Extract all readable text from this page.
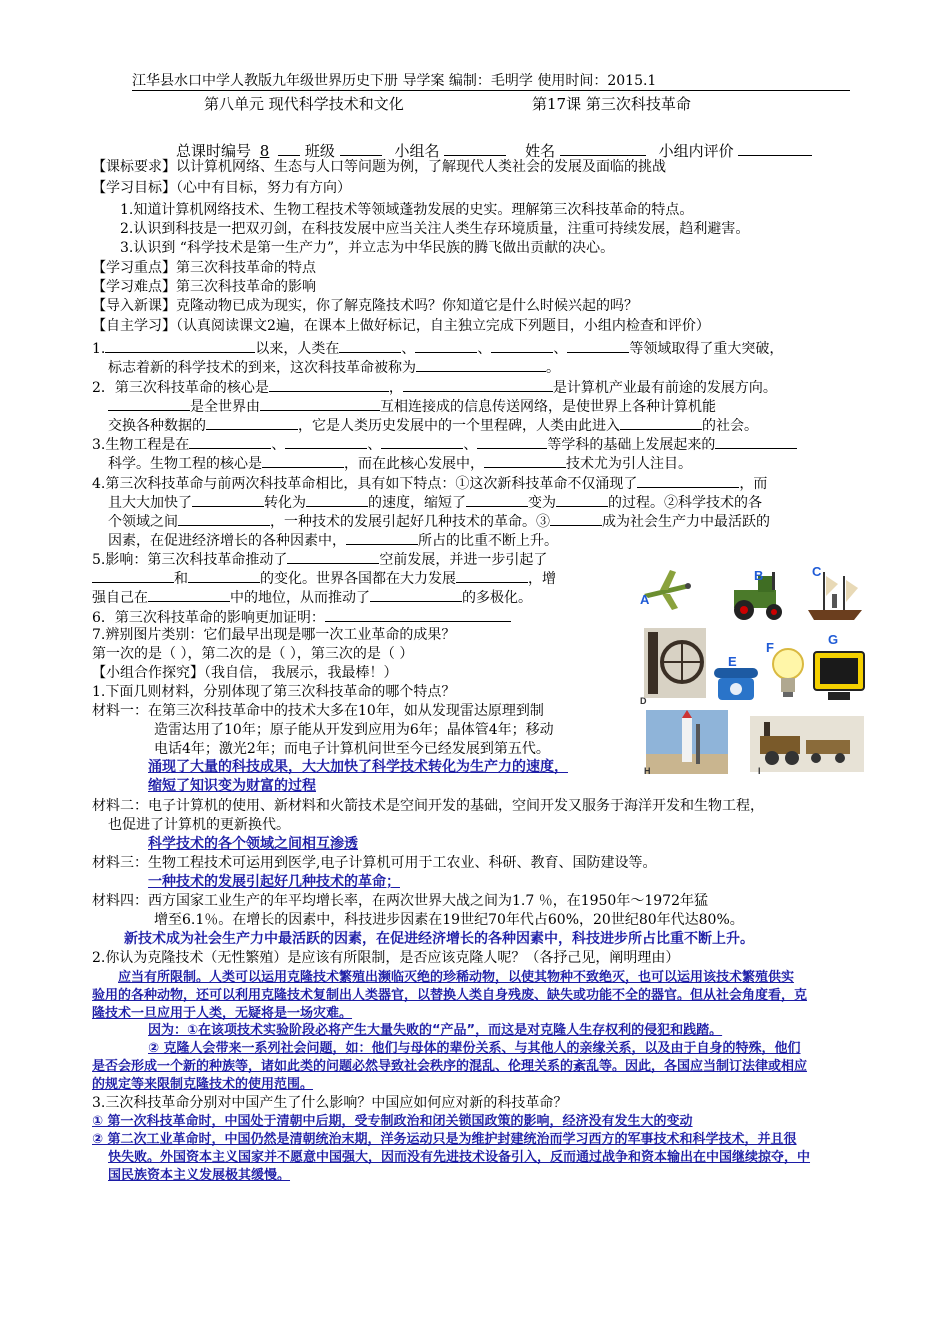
江华县水口中学人教版九年级世界历史下册 导学案 编制：毛明学 使用时间：2015.1
第八单元 现代科学技术和文化	第17课 第三次科技革命
总课时编号 8 班级	小组名	姓名	小组内评价
【课标要求】以计算机网络、生态与人口等问题为例，了解现代人类社会的发展及面临的挑战
【学习目标】（心中有目标，努力有方向）
1.知道计算机网络技术、生物工程技术等领域蓬勃发展的史实。理解第三次科技革命的特点。
2.认识到科技是一把双刃剑，在科技发展中应当关注人类生存环境质量，注重可持续发展，趋利避害。
3.认识到 “科学技术是第一生产力”，并立志为中华民族的腾飞做出贡献的决心。
【学习重点】第三次科技革命的特点
【学习难点】第三次科技革命的影响
【导入新课】克隆动物已成为现实，你了解克隆技术吗？你知道它是什么时候兴起的吗？
【自主学习】（认真阅读课文2遍，在课本上做好标记，自主独立完成下列题目，小组内检查和评价）
1.	以来，人类在	、	、	、	等领域取得了重大突破，
标志着新的科学技术的到来，这次科技革命被称为	。
2．第三次科技革命的核心是	，	是计算机产业最有前途的发展方向。
是全世界由	互相连接成的信息传送网络，是使世界上各种计算机能
交换各种数据的	，它是人类历史发展中的一个里程碑，人类由此进入	的社会。
3.生物工程是在	、	、	、	等学科的基础上发展起来的
科学。生物工程的核心是	，而在此核心发展中，	技术尤为引人注目。
4.第三次科技革命与前两次科技革命相比，具有如下特点：①这次新科技革命不仅涌现了	，而
且大大加快了	转化为	的速度，缩短了	变为	的过程。②科学技术的各
个领域之间	，一种技术的发展引起好几种技术的革命。③	成为社会生产力中最活跃的
因素，在促进经济增长的各种因素中，	所占的比重不断上升。
5.影响：第三次科技革命推动了	空前发展，并进一步引起了
和	的变化。世界各国都在大力发展	，增
强自己在	中的地位，从而推动了	的多极化。
6．第三次科技革命的影响更加证明：
7.辨别图片类别：它们最早出现是哪一次工业革命的成果？
第一次的是（ ），第二次的是（ ），第三次的是（ ）
【小组合作探究】（我自信， 我展示，我最棒！）
1.下面几则材料，分别体现了第三次科技革命的哪个特点？
材料一：在第三次科技革命中的技术大多在10年，如从发现雷达原理到制
造雷达用了10年；原子能从开发到应用为6年；晶体管4年；移动
电话4年；激光2年；而电子计算机问世至今已经发展到第五代。
涌现了大量的科技成果，大大加快了科学技术转化为生产力的速度，
缩短了知识变为财富的过程
材料二：电子计算机的使用、新材料和火箭技术是空间开发的基础，空间开发又服务于海洋开发和生物工程，
也促进了计算机的更新换代。
科学技术的各个领域之间相互渗透
材料三：生物工程技术可运用到医学,电子计算机可用于工农业、科研、教育、国防建设等。
一种技术的发展引起好几种技术的革命；
材料四：西方国家工业生产的年平均增长率，在两次世界大战之间为1.7 ％，在1950年～1972年猛
增至6.1％。在增长的因素中，科技进步因素在19世纪70年代占60%，20世纪80年代达80%。
新技术成为社会生产力中最活跃的因素，在促进经济增长的各种因素中，科技进步所占比重不断上升。
2.你认为克隆技术（无性繁殖）是应该有所限制，是否应该克隆人呢？（各抒己见，阐明理由）
应当有所限制。人类可以运用克隆技术繁殖出濒临灭绝的珍稀动物，以使其物种不致绝灭，也可以运用该技术繁殖供实
验用的各种动物，还可以利用克隆技术复制出人类器官，以替换人类自身残废、缺失或功能不全的器官。但从社会角度看，克
隆技术一旦应用于人类，无疑将是一场灾难。
因为：①在该项技术实验阶段必将产生大量失败的“产品”，而这是对克隆人生存权利的侵犯和践踏。
② 克隆人会带来一系列社会问题，如：他们与母体的辈份关系、与其他人的亲缘关系，以及由于自身的特殊，他们
是否会形成一个新的种族等，诸如此类的问题必然导致社会秩序的混乱、伦理关系的紊乱等。因此，各国应当制订法律或相应
的规定等来限制克隆技术的使用范围。
3.三次科技革命分别对中国产生了什么影响？中国应如何应对新的科技革命？
① 第一次科技革命时，中国处于清朝中后期，受专制政治和闭关锁国政策的影响，经济没有发生大的变动
② 第二次工业革命时，中国仍然是清朝统治末期，洋务运动只是为维护封建统治而学习西方的军事技术和科学技术，并且很
快失败。外国资本主义国家并不愿意中国强大，因而没有先进技术设备引入，反而通过战争和资本输出在中国继续掠夺，中
国民族资本主义发展极其缓慢。
A
B	C
D
E
F
G
H	I
